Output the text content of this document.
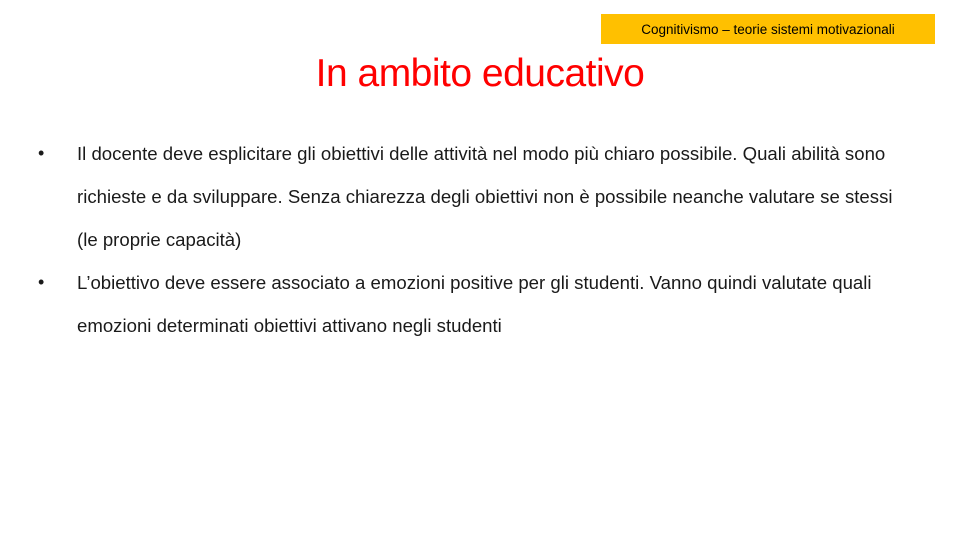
Cognitivismo – teorie sistemi motivazionali
In ambito educativo
•	Il docente deve esplicitare gli obiettivi delle attività nel modo più chiaro possibile. Quali abilità sono richieste e da sviluppare. Senza chiarezza degli obiettivi non è possibile neanche valutare se stessi (le proprie capacità)
•	L’obiettivo deve essere associato a emozioni positive per gli studenti. Vanno quindi valutate quali emozioni determinati obiettivi attivano negli studenti
